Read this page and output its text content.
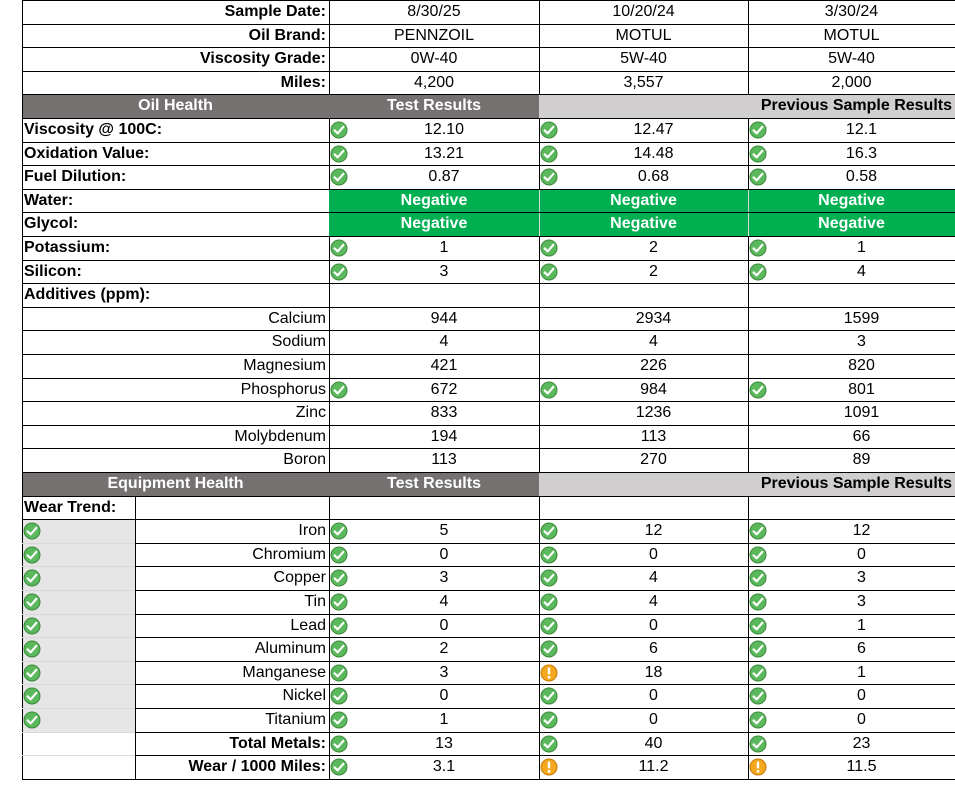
Sample Date:	8/30/25	10/20/24	3/30/24
Oil Brand:	PENNZOIL	MOTUL	MOTUL
Viscosity Grade:	0W-40	5W-40	5W-40
Miles:	4,200	3,557	2,000
Oil Health	Test Results	Previous Sample Results
Viscosity @ 100C:	12.10	12.47	12.1
Oxidation Value:	13.21	14.48	16.3
Fuel Dilution:	0.87	0.68	0.58
Water:	Negative	Negative	Negative
Glycol:	Negative	Negative	Negative
Potassium:	1	2	1
Silicon:	3	2	4
Additives (ppm):
Calcium	944	2934	1599
Sodium	4	4	3
Magnesium	421	226	820
Phosphorus	672	984	801
Zinc	833	1236	1091
Molybdenum	194	113	66
Boron	113	270	89
Equipment Health	Test Results	Previous Sample Results
Wear Trend:
Iron	5	12	12
Chromium	0	0	0
Copper	3	4	3
Tin	4	4	3
Lead	0	0	1
Aluminum	2	6	6
Manganese	3	18	1
Nickel	0	0	0
Titanium	1	0	0
Total Metals:	13	40	23
Wear / 1000 Miles:	3.1	11.2	11.5
